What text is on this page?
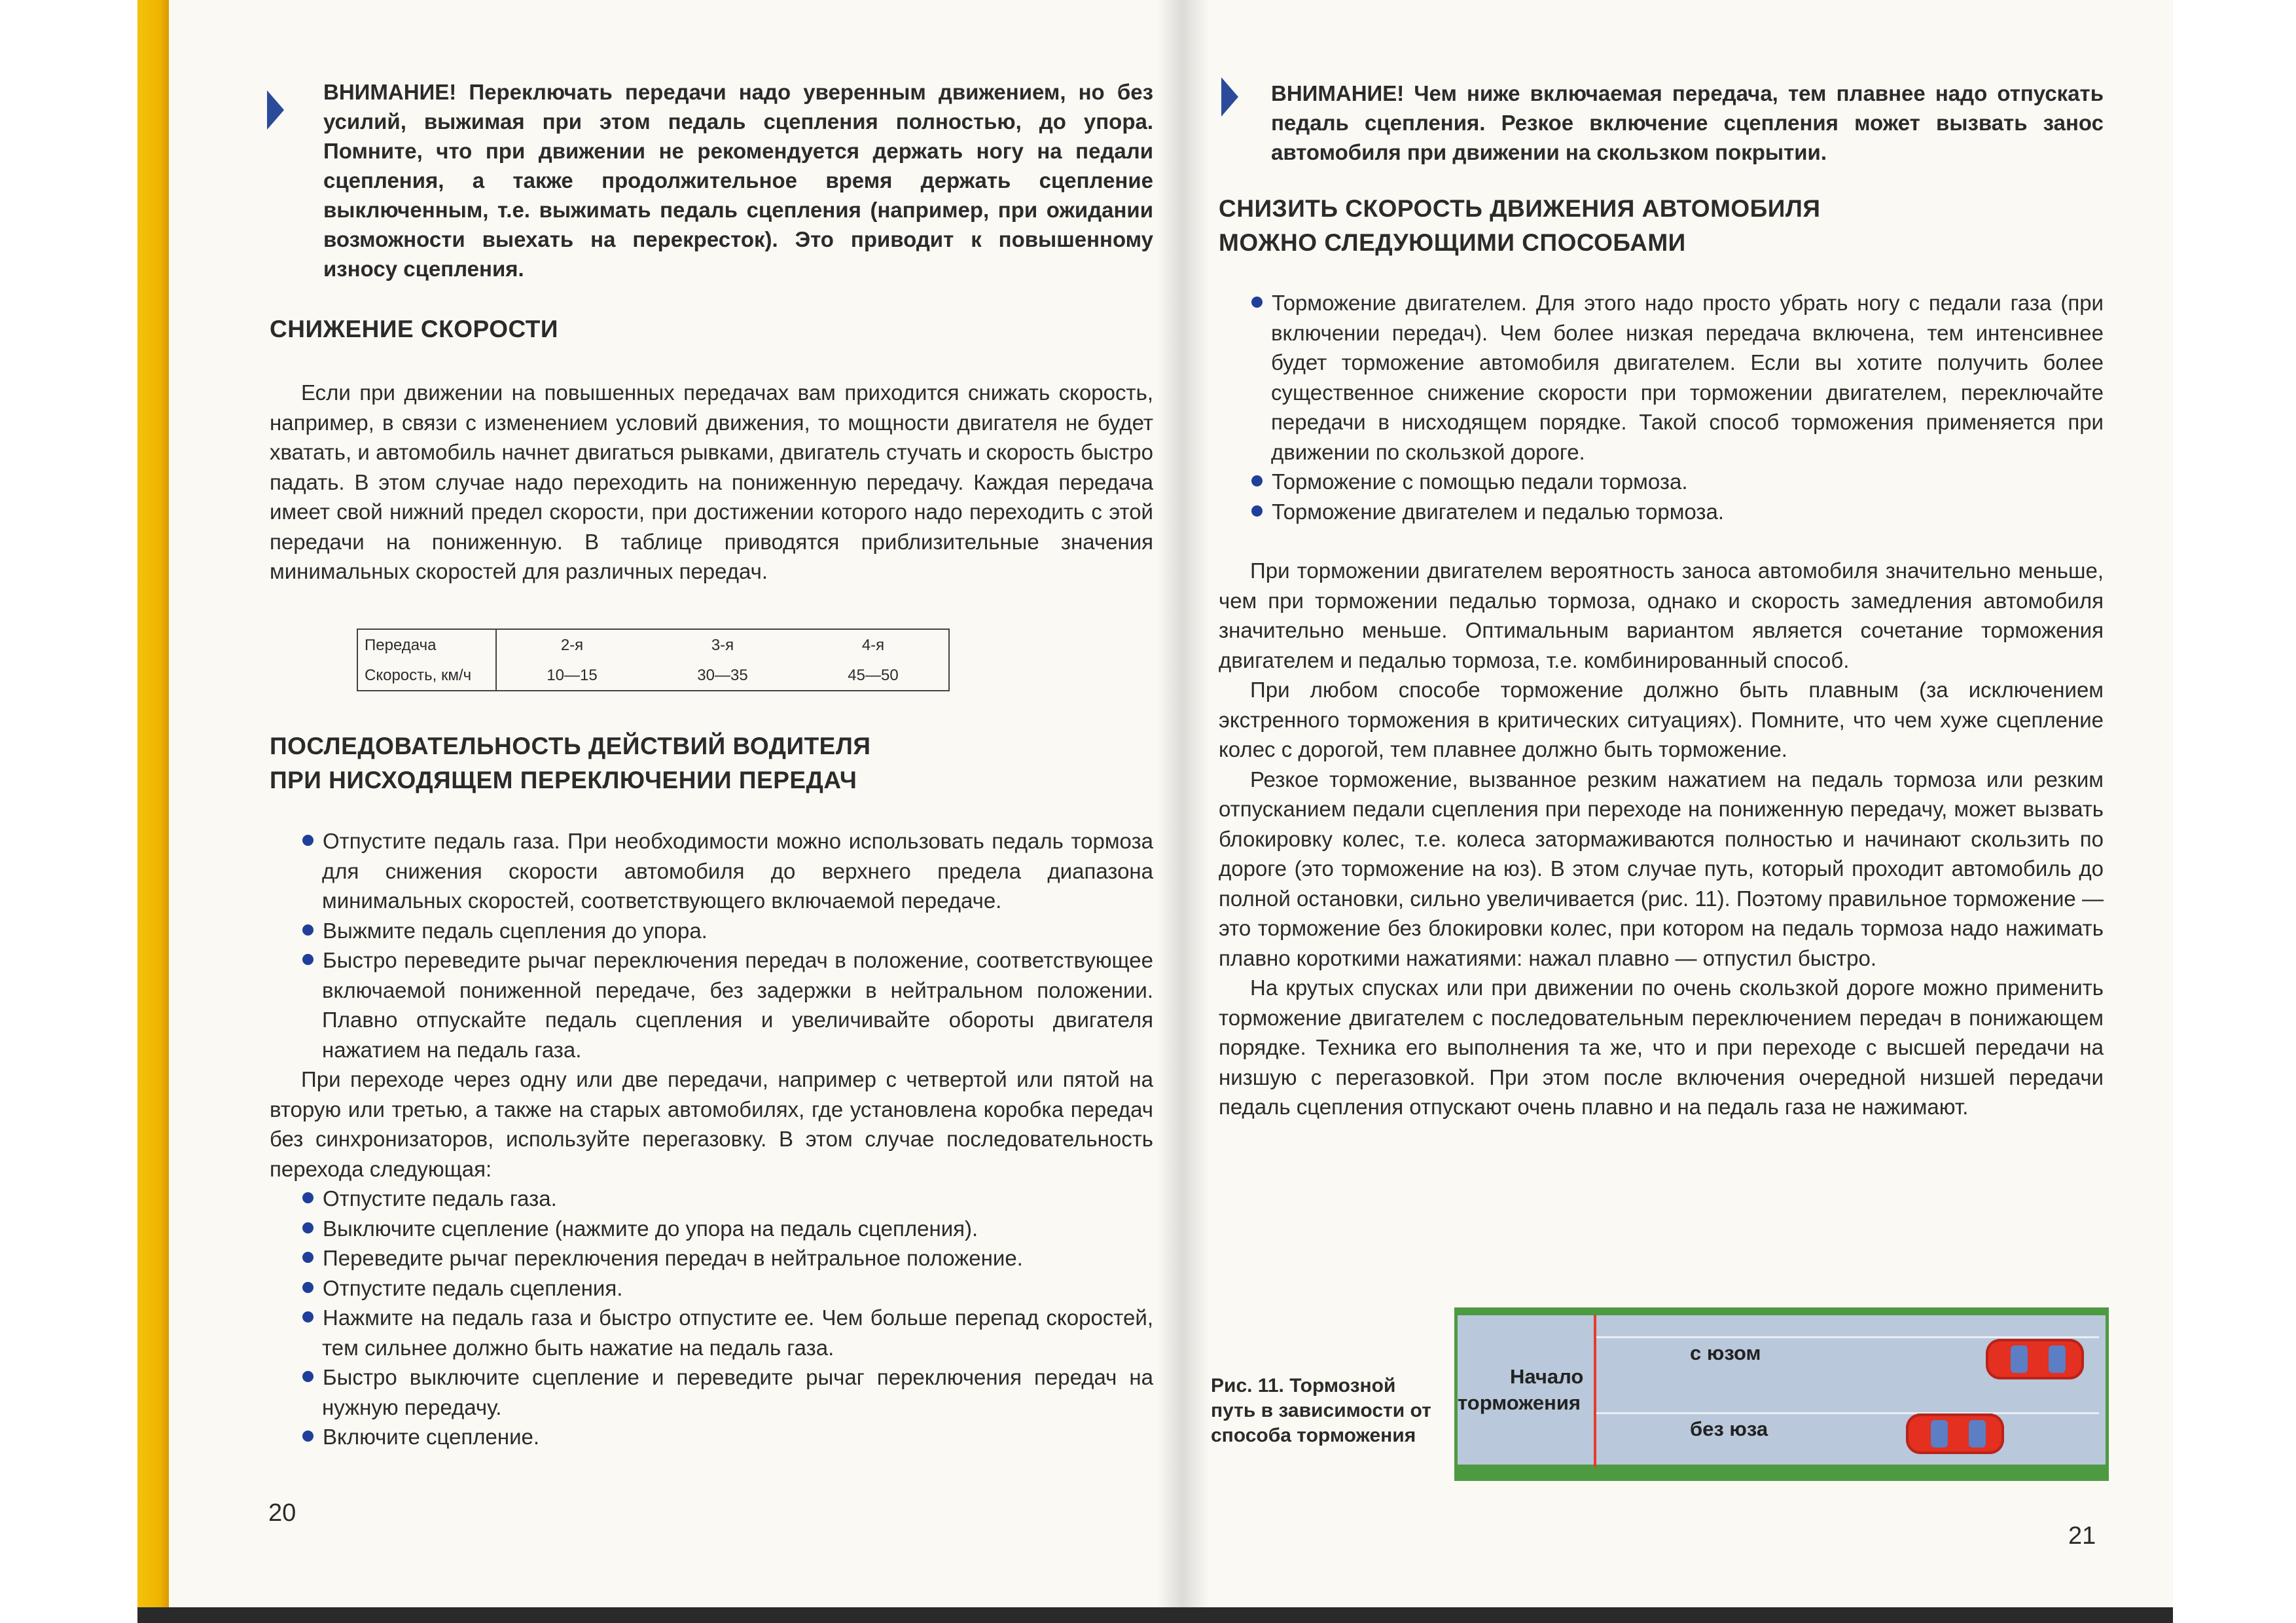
ВНИМАНИЕ! Переключать передачи надо уверенным движением, но без усилий, выжимая при этом педаль сцепления полностью, до упора. Помните, что при движении не рекомендуется держать ногу на педали сцепления, а также продолжительное время держать сцепление выключенным, т.е. выжимать педаль сцепления (например, при ожидании возможности выехать на перекресток). Это приводит к повышенному износу сцепления.
СНИЖЕНИЕ СКОРОСТИ
Если при движении на повышенных передачах вам приходится снижать скорость, например, в связи с изменением условий движения, то мощности двигателя не будет хватать, и автомобиль начнет двигаться рывками, двигатель стучать и скорость быстро падать. В этом случае надо переходить на пониженную передачу. Каждая передача имеет свой нижний предел скорости, при достижении которого надо переходить с этой передачи на пониженную. В таблице приводятся приблизительные значения минимальных скоростей для различных передач.
Передача	2-я	3-я	4-я
Скорость, км/ч	10—15	30—35	45—50
ПОСЛЕДОВАТЕЛЬНОСТЬ ДЕЙСТВИЙ ВОДИТЕЛЯ
ПРИ НИСХОДЯЩЕМ ПЕРЕКЛЮЧЕНИИ ПЕРЕДАЧ
Отпустите педаль газа. При необходимости можно использовать педаль тормоза для снижения скорости автомобиля до верхнего предела диапазона минимальных скоростей, соответствующего включаемой передаче.
Выжмите педаль сцепления до упора.
Быстро переведите рычаг переключения передач в положение, соответствующее включаемой пониженной передаче, без задержки в нейтральном положении. Плавно отпускайте педаль сцепления и увеличивайте обороты двигателя нажатием на педаль газа.

При переходе через одну или две передачи, например с четвертой или пятой на вторую или третью, а также на старых автомобилях, где установлена коробка передач без синхронизаторов, используйте перегазовку. В этом случае последовательность перехода следующая:

Отпустите педаль газа.
Выключите сцепление (нажмите до упора на педаль сцепления).
Переведите рычаг переключения передач в нейтральное положение.
Отпустите педаль сцепления.
Нажмите на педаль газа и быстро отпустите ее. Чем больше перепад скоростей, тем сильнее должно быть нажатие на педаль газа.
Быстро выключите сцепление и переведите рычаг переключения передач на нужную передачу.
Включите сцепление.
20
ВНИМАНИЕ! Чем ниже включаемая передача, тем плавнее надо отпускать педаль сцепления. Резкое включение сцепления может вызвать занос автомобиля при движении на скользком покрытии.
СНИЗИТЬ СКОРОСТЬ ДВИЖЕНИЯ АВТОМОБИЛЯ
МОЖНО СЛЕДУЮЩИМИ СПОСОБАМИ
Торможение двигателем. Для этого надо просто убрать ногу с педали газа (при включении передач). Чем более низкая передача включена, тем интенсивнее будет торможение автомобиля двигателем. Если вы хотите получить более существенное снижение скорости при торможении двигателем, переключайте передачи в нисходящем порядке. Такой способ торможения применяется при движении по скользкой дороге.
Торможение с помощью педали тормоза.
Торможение двигателем и педалью тормоза.

При торможении двигателем вероятность заноса автомобиля значительно меньше, чем при торможении педалью тормоза, однако и скорость замедления автомобиля значительно меньше. Оптимальным вариантом является сочетание торможения двигателем и педалью тормоза, т.е. комбинированный способ.

При любом способе торможение должно быть плавным (за исключением экстренного торможения в критических ситуациях). Помните, что чем хуже сцепление колес с дорогой, тем плавнее должно быть торможение.

Резкое торможение, вызванное резким нажатием на педаль тормоза или резким отпусканием педали сцепления при переходе на пониженную передачу, может вызвать блокировку колес, т.е. колеса затормаживаются полностью и начинают скользить по дороге (это торможение на юз). В этом случае путь, который проходит автомобиль до полной остановки, сильно увеличивается (рис. 11). Поэтому правильное торможение — это торможение без блокировки колес, при котором на педаль тормоза надо нажимать плавно короткими нажатиями: нажал плавно — отпустил быстро.

На крутых спусках или при движении по очень скользкой дороге можно применить торможение двигателем с последовательным переключением передач в понижающем порядке. Техника его выполнения та же, что и при переходе с высшей передачи на низшую с перегазовкой. При этом после включения очередной низшей передачи педаль сцепления отпускают очень плавно и на педаль газа не нажимают.

Рис. 11. Тормозной путь в зависимости от способа торможения
Начало
торможения
с юзом
без юза
21
